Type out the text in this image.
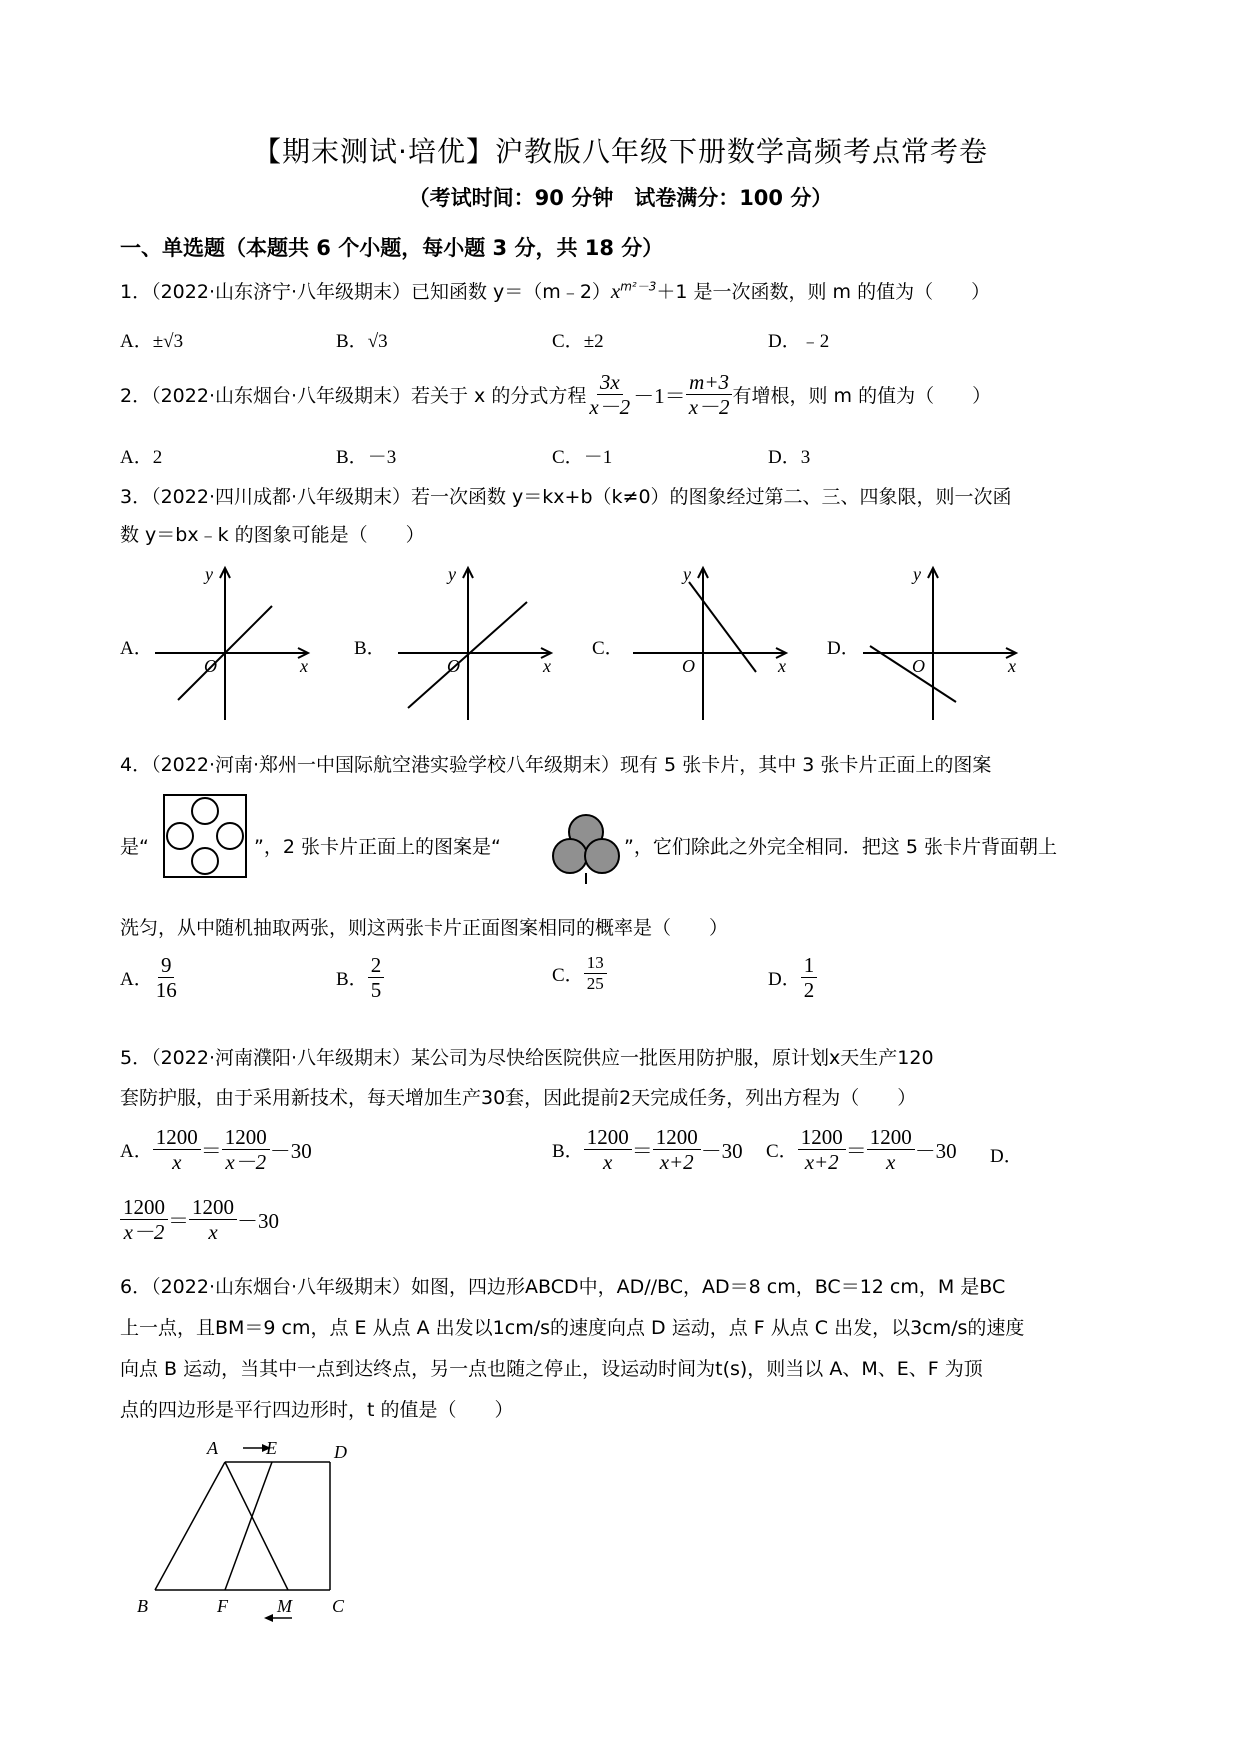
【期末测试·培优】沪教版八年级下册数学高频考点常考卷
（考试时间：90 分钟　试卷满分：100 分）
一、单选题（本题共 6 个小题，每小题 3 分，共 18 分）
1．（2022·山东济宁·八年级期末）已知函数 $y=(m﹣2)x^{m^2-3}+1$ 是一次函数，则 m 的值为（　　）
A．±√3	B．√3	C．±2	D．﹣2
2．（2022·山东烟台·八年级期末）若关于 x 的分式方程 $\frac{3x}{x-2} -1= \frac{m+3}{x-2}$ 有增根，则 m 的值为（　　）
A．2	B．－3	C．－1	D．3
3．（2022·四川成都·八年级期末）若一次函数 y＝kx+b（k≠0）的图象经过第二、三、四象限，则一次函
数 y＝bx﹣k 的图象可能是（　　）
A．
O	x
y
B．
O	x
y
C．
O	x
y
D．
O	x
y
4．（2022·河南·郑州一中国际航空港实验学校八年级期末）现有 5 张卡片，其中 3 张卡片正面上的图案
是“	”，2 张卡片正面上的图案是“	”，它们除此之外完全相同．把这 5 张卡片背面朝上
洗匀，从中随机抽取两张，则这两张卡片正面图案相同的概率是（　　）
A． $\frac{9}{16}$	B． $\frac{2}{5}$	C． $\frac{13}{25}$	D． $\frac{1}{2}$
5．（2022·河南濮阳·八年级期末）某公司为尽快给医院供应一批医用防护服，原计划x天生产120
套防护服，由于采用新技术，每天增加生产30套，因此提前2天完成任务，列出方程为（　　）
A． $\frac{1200}{x} = \frac{1200}{x-2} -30$	B． $\frac{1200}{x} = \frac{1200}{x+2} -30$ C． $\frac{1200}{x+2} = \frac{1200}{x} -30$ D．
$\frac{1200}{x-2} = \frac{1200}{x} -30$
6．（2022·山东烟台·八年级期末）如图，四边形ABCD中，AD//BC，AD＝8 cm，BC＝12 cm，M 是BC
上一点，且BM＝9 cm，点 E 从点 A 出发以1cm/s的速度向点 D 运动，点 F 从点 C 出发，以3cm/s的速度
向点 B 运动，当其中一点到达终点，另一点也随之停止，设运动时间为t(s)，则当以 A、M、E、F 为顶
点的四边形是平行四边形时，t 的值是（　　）
A	E	D
B	F	M C
